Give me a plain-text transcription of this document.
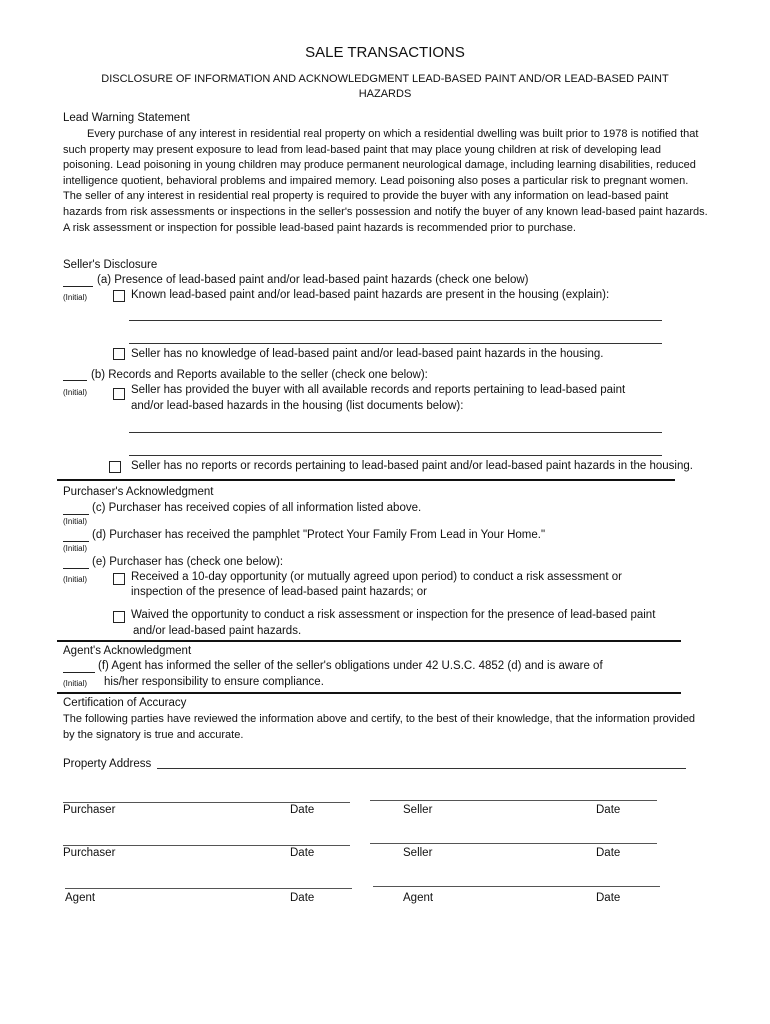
SALE TRANSACTIONS
DISCLOSURE OF INFORMATION AND ACKNOWLEDGMENT LEAD-BASED PAINT AND/OR LEAD-BASED PAINT HAZARDS
Lead Warning Statement
Every purchase of any interest in residential real property on which a residential dwelling was built prior to 1978 is notified that such property may present exposure to lead from lead-based paint that may place young children at risk of developing lead poisoning. Lead poisoning in young children may produce permanent neurological damage, including learning disabilities, reduced intelligence quotient, behavioral problems and impaired memory. Lead poisoning also poses a particular risk to pregnant women. The seller of any interest in residential real property is required to provide the buyer with any information on lead-based paint hazards from risk assessments or inspections in the seller's possession and notify the buyer of any known lead-based paint hazards. A risk assessment or inspection for possible lead-based paint hazards is recommended prior to purchase.
Seller's Disclosure
(a) Presence of lead-based paint and/or lead-based paint hazards (check one below)
(Initial)	Known lead-based paint and/or lead-based paint hazards are present in the housing (explain):
Seller has no knowledge of lead-based paint and/or lead-based paint hazards in the housing.
(b) Records and Reports available to the seller (check one below):
(Initial)	Seller has provided the buyer with all available records and reports pertaining to lead-based paint
and/or lead-based hazards in the housing (list documents below):
Seller has no reports or records pertaining to lead-based paint and/or lead-based paint hazards in the housing.
Purchaser's Acknowledgment
(c) Purchaser has received copies of all information listed above.
(Initial)
(d) Purchaser has received the pamphlet "Protect Your Family From Lead in Your Home."
(Initial)
(e) Purchaser has (check one below):
(Initial)	Received a 10-day opportunity (or mutually agreed upon period) to conduct a risk assessment or
inspection of the presence of lead-based paint hazards; or
Waived the opportunity to conduct a risk assessment or inspection for the presence of lead-based paint
and/or lead-based paint hazards.
Agent's Acknowledgment
(f) Agent has informed the seller of the seller's obligations under 42 U.S.C. 4852 (d) and is aware of
(Initial) his/her responsibility to ensure compliance.
Certification of Accuracy
The following parties have reviewed the information above and certify, to the best of their knowledge, that the information provided by the signatory is true and accurate.
Property Address
Purchaser	Date	Seller	Date
Purchaser	Date	Seller	Date
Agent	Date	Agent	Date
